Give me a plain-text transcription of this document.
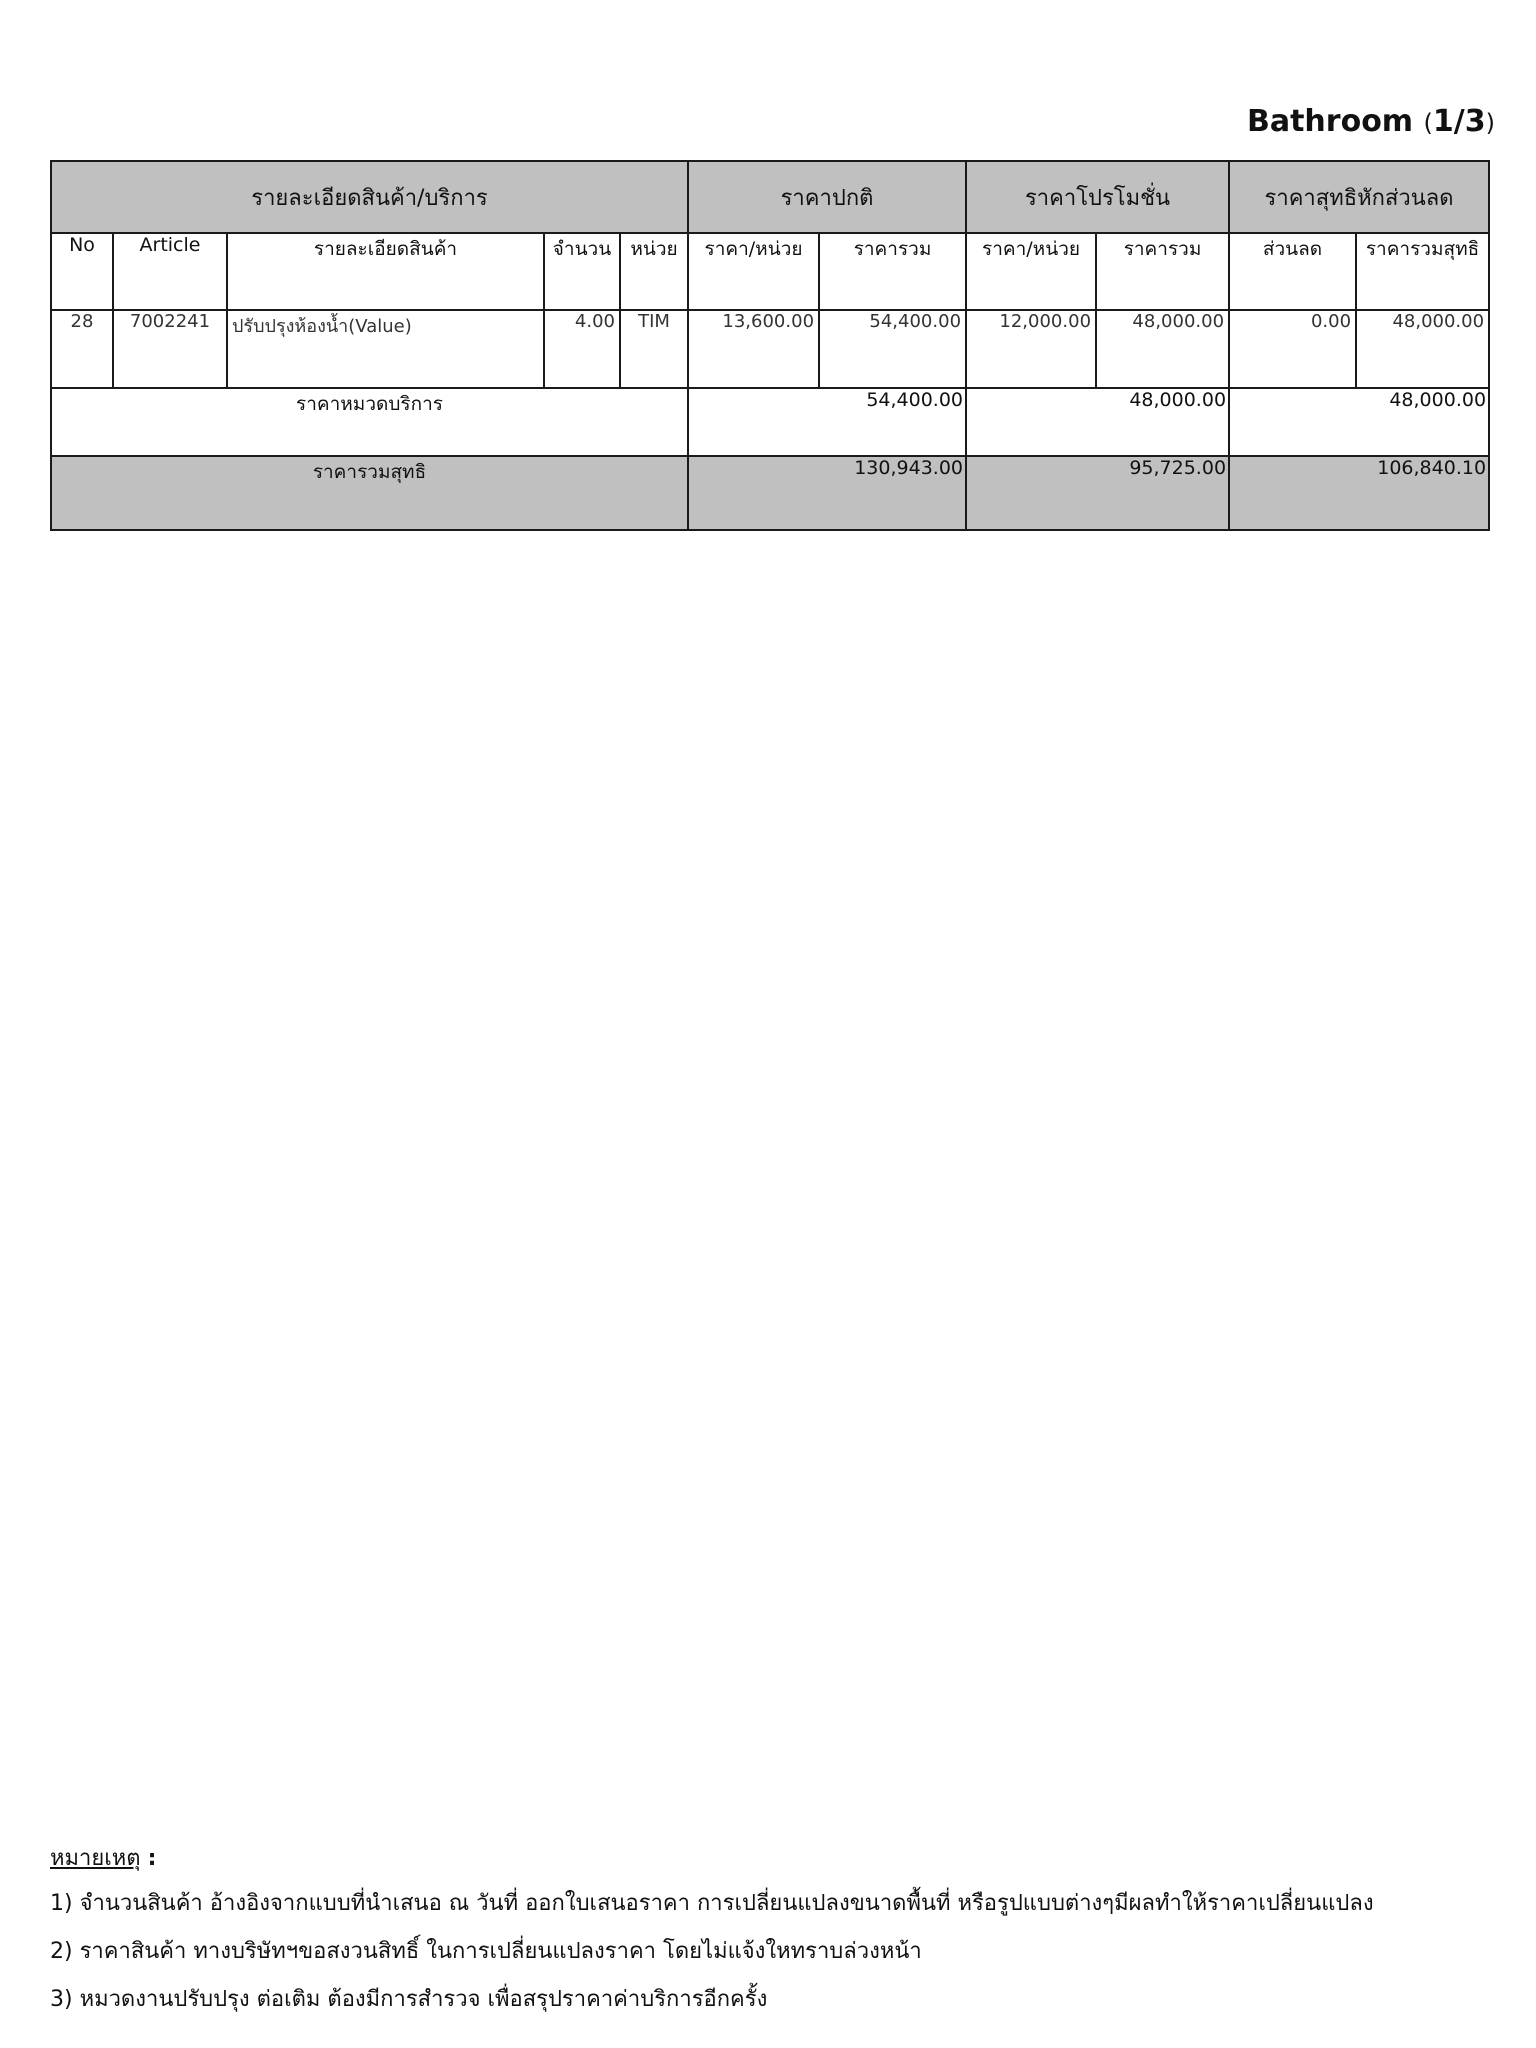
Bathroom (1/3)
รายละเอียดสินค้า/บริการ					ราคาปกติ		ราคาโปรโมชั่น		ราคาสุทธิหักส่วนลด	
No	Article	รายละเอียดสินค้า	จำนวน	หน่วย	ราคา/หน่วย	ราคารวม	ราคา/หน่วย	ราคารวม	ส่วนลด	ราคารวมสุทธิ
28	7002241	ปรับปรุงห้องน้ำ(Value)	4.00	TIM	13,600.00	54,400.00	12,000.00	48,000.00	0.00	48,000.00
ราคาหมวดบริการ					54,400.00		48,000.00		48,000.00	
ราคารวมสุทธิ					130,943.00		95,725.00		106,840.10	

หมายเหตุ :

1) จำนวนสินค้า อ้างอิงจากแบบที่นำเสนอ ณ วันที่ ออกใบเสนอราคา การเปลี่ยนแปลงขนาดพื้นที่ หรือรูปแบบต่างๆมีผลทำให้ราคาเปลี่ยนแปลง

2) ราคาสินค้า ทางบริษัทฯขอสงวนสิทธิ์ ในการเปลี่ยนแปลงราคา โดยไม่แจ้งใหทราบล่วงหน้า

3) หมวดงานปรับปรุง ต่อเติม ต้องมีการสำรวจ เพื่อสรุปราคาค่าบริการอีกครั้ง
